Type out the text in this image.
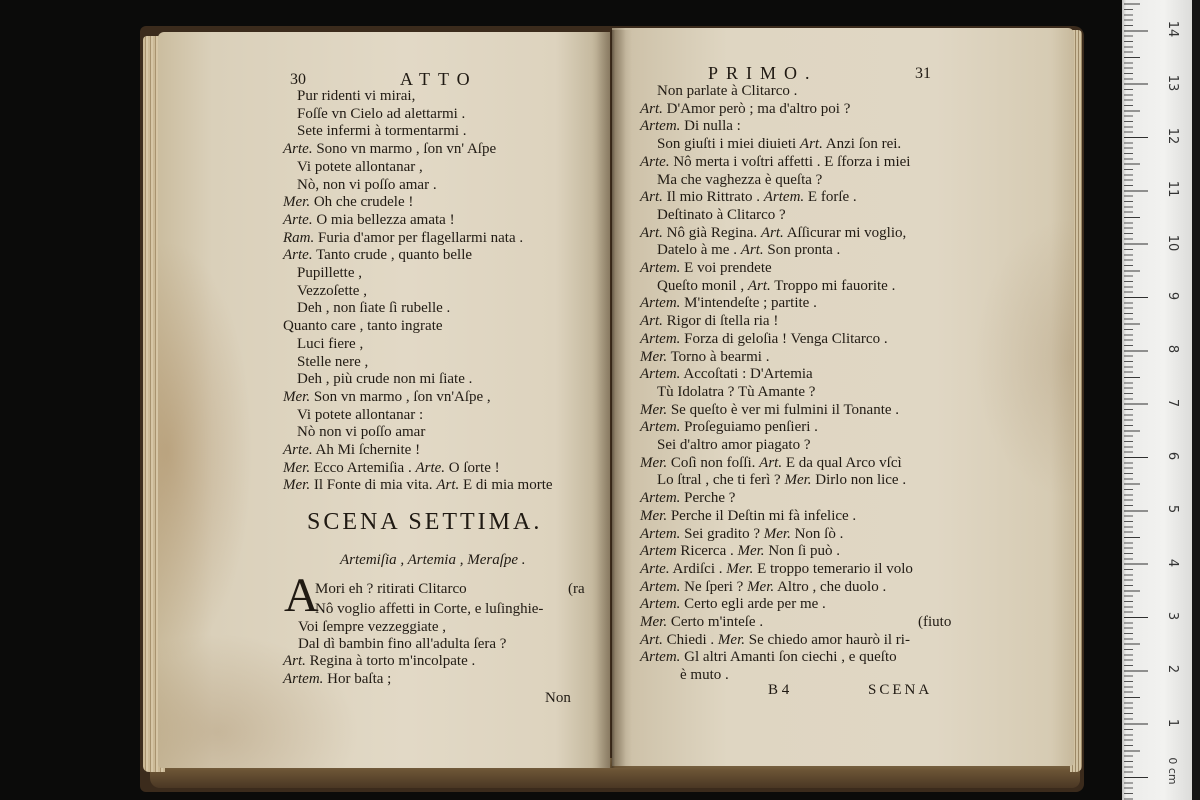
30	ATTO
Pur ridenti vi mirai,
Foſſe vn Cielo ad alettarmi .
Sete infermi à tormentarmi .
Arte. Sono vn marmo , ſon vn' Aſpe
Vi potete allontanar ,
Nò, non vi poſſo amar .
Mer. Oh che crudele !
Arte. O mia bellezza amata !
Ram. Furia d'amor per flagellarmi nata .
Arte. Tanto crude , quanto belle
Pupillette ,
Vezzoſette ,
Deh , non ſiate ſì rubelle .
Quanto care , tanto ingrate
Luci fiere ,
Stelle nere ,
Deh , più crude non mi ſiate .
Mer. Son vn marmo , ſon vn'Aſpe ,
Vi potete allontanar :
Nò non vi poſſo amar
Arte. Ah Mi ſchernite !
Mer. Ecco Artemiſia . Arte. O ſorte !
Mer. Il Fonte di mia vita. Art. E di mia morte
SCENA SETTIMA.
Artemiſia , Artemia , Meraſpe .
A
Mori eh ? ritirati Clitarco	(ra
Nô voglio affetti in Corte, e luſinghie-
Voi ſempre vezzeggiate ,
Dal dì bambin fino all'adulta ſera ?
Art. Regina à torto m'incolpate .
Artem. Hor baſta ;
Non
PRIMO.	31
Non parlate à Clitarco .
Art. D'Amor però ; ma d'altro poi ?
Artem. Di nulla :
Son giuſti i miei diuieti Art. Anzi ſon rei.
Arte. Nô merta i voſtri affetti . E ſforza i miei
Ma che vaghezza è queſta ?
Art. Il mio Rittrato . Artem. E forſe .
Deſtinato à Clitarco ?
Art. Nô già Regina. Art. Aſſicurar mi voglio,
Datelo à me . Art. Son pronta .
Artem. E voi prendete
Queſto monil , Art. Troppo mi fauorite .
Artem. M'intendeſte ; partite .
Art. Rigor di ſtella ria !
Artem. Forza di geloſia ! Venga Clitarco .
Mer. Torno à bearmi .
Artem. Accoſtati : D'Artemia
Tù Idolatra ? Tù Amante ?
Mer. Se queſto è ver mi fulmini il Tonante .
Artem. Proſeguiamo penſieri .
Sei d'altro amor piagato ?
Mer. Coſì non foſſi. Art. E da qual Arco vſcì
Lo ſtral , che ti ferì ? Mer. Dirlo non lice .
Artem. Perche ?
Mer. Perche il Deſtin mi fà infelice .
Artem. Sei gradito ? Mer. Non ſò .
Artem Ricerca . Mer. Non ſi può .
Arte. Ardiſci . Mer. E troppo temerario il volo
Artem. Ne ſperi ? Mer. Altro , che duolo .
Artem. Certo egli arde per me .
Mer. Certo m'inteſe .	(fiuto
Art. Chiedi . Mer. Se chiedo amor haurò il ri-
Artem. Gl altri Amanti ſon ciechi , e queſto
è muto .
B 4	SCENA
14
13
12
11
10
9
8
7
6
5
4
3
2
1
0 cm
